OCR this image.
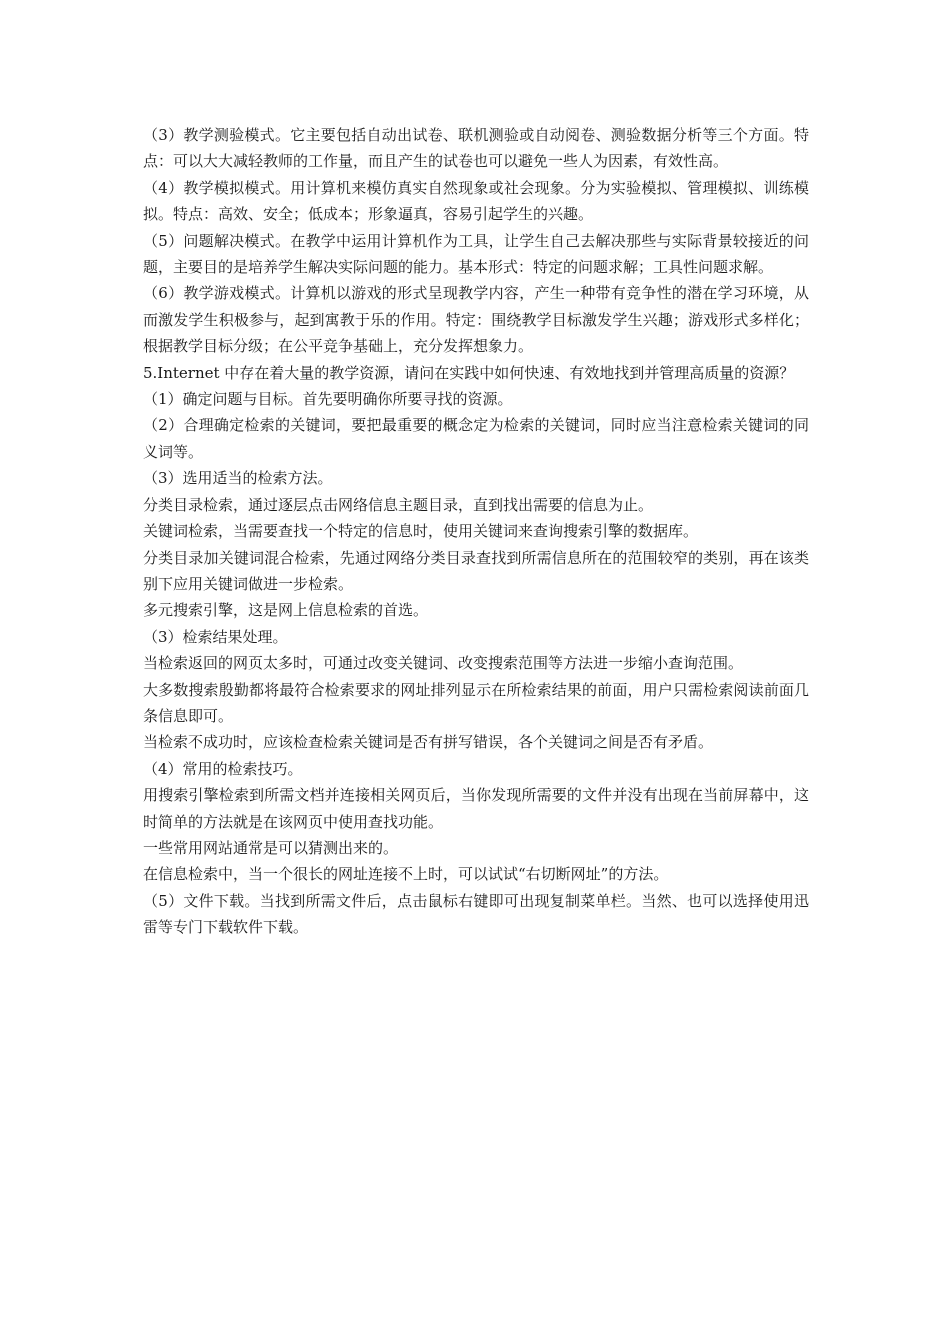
（3）教学测验模式。它主要包括自动出试卷、联机测验或自动阅卷、测验数据分析等三个方面。特点：可以大大减轻教师的工作量，而且产生的试卷也可以避免一些人为因素，有效性高。

（4）教学模拟模式。用计算机来模仿真实自然现象或社会现象。分为实验模拟、管理模拟、训练模拟。特点：高效、安全；低成本；形象逼真，容易引起学生的兴趣。

（5）问题解决模式。在教学中运用计算机作为工具，让学生自己去解决那些与实际背景较接近的问题，主要目的是培养学生解决实际问题的能力。基本形式：特定的问题求解；工具性问题求解。

（6）教学游戏模式。计算机以游戏的形式呈现教学内容，产生一种带有竞争性的潜在学习环境，从而激发学生积极参与，起到寓教于乐的作用。特定：围绕教学目标激发学生兴趣；游戏形式多样化；根据教学目标分级；在公平竞争基础上，充分发挥想象力。

5.Internet 中存在着大量的教学资源，请问在实践中如何快速、有效地找到并管理高质量的资源？

（1）确定问题与目标。首先要明确你所要寻找的资源。

（2）合理确定检索的关键词，要把最重要的概念定为检索的关键词，同时应当注意检索关键词的同义词等。

（3）选用适当的检索方法。

分类目录检索，通过逐层点击网络信息主题目录，直到找出需要的信息为止。

关键词检索，当需要查找一个特定的信息时，使用关键词来查询搜索引擎的数据库。

分类目录加关键词混合检索，先通过网络分类目录查找到所需信息所在的范围较窄的类别，再在该类别下应用关键词做进一步检索。

多元搜索引擎，这是网上信息检索的首选。

（3）检索结果处理。

当检索返回的网页太多时，可通过改变关键词、改变搜索范围等方法进一步缩小查询范围。

大多数搜索殷勤都将最符合检索要求的网址排列显示在所检索结果的前面，用户只需检索阅读前面几条信息即可。

当检索不成功时，应该检查检索关键词是否有拼写错误，各个关键词之间是否有矛盾。

（4）常用的检索技巧。

用搜索引擎检索到所需文档并连接相关网页后，当你发现所需要的文件并没有出现在当前屏幕中，这时简单的方法就是在该网页中使用查找功能。

一些常用网站通常是可以猜测出来的。

在信息检索中，当一个很长的网址连接不上时，可以试试“右切断网址”的方法。

（5）文件下载。当找到所需文件后，点击鼠标右键即可出现复制菜单栏。当然、也可以选择使用迅雷等专门下载软件下载。
